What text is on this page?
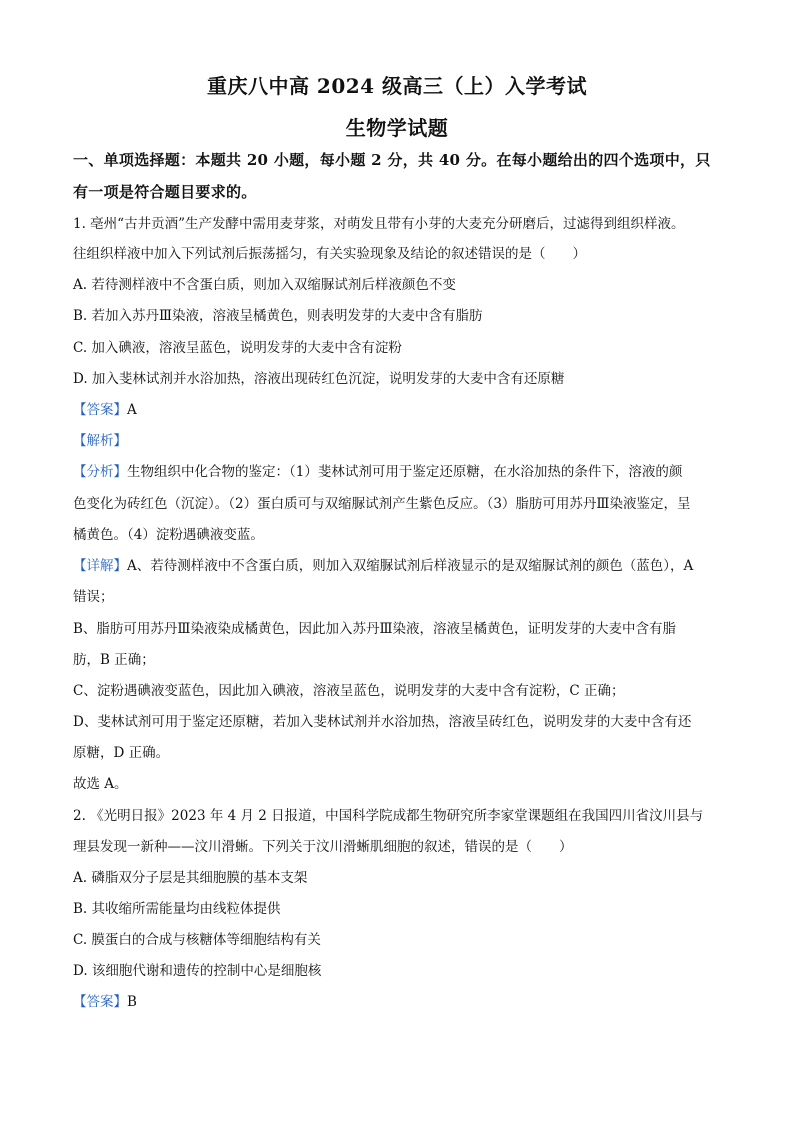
重庆八中高 2024 级高三（上）入学考试
生物学试题
一、单项选择题：本题共 20 小题，每小题 2 分，共 40 分。在每小题给出的四个选项中，只
有一项是符合题目要求的。
1. 亳州“古井贡酒”生产发酵中需用麦芽浆，对萌发且带有小芽的大麦充分研磨后，过滤得到组织样液。
往组织样液中加入下列试剂后振荡摇匀，有关实验现象及结论的叙述错误的是（　　）
A. 若待测样液中不含蛋白质，则加入双缩脲试剂后样液颜色不变
B. 若加入苏丹Ⅲ染液，溶液呈橘黄色，则表明发芽的大麦中含有脂肪
C. 加入碘液，溶液呈蓝色，说明发芽的大麦中含有淀粉
D. 加入斐林试剂并水浴加热，溶液出现砖红色沉淀，说明发芽的大麦中含有还原糖
【答案】A
【解析】
【分析】生物组织中化合物的鉴定：（1）斐林试剂可用于鉴定还原糖，在水浴加热的条件下，溶液的颜
色变化为砖红色（沉淀）。（2）蛋白质可与双缩脲试剂产生紫色反应。（3）脂肪可用苏丹Ⅲ染液鉴定，呈
橘黄色。（4）淀粉遇碘液变蓝。
【详解】A、若待测样液中不含蛋白质，则加入双缩脲试剂后样液显示的是双缩脲试剂的颜色（蓝色），A
错误；
B、脂肪可用苏丹Ⅲ染液染成橘黄色，因此加入苏丹Ⅲ染液，溶液呈橘黄色，证明发芽的大麦中含有脂
肪，B 正确；
C、淀粉遇碘液变蓝色，因此加入碘液，溶液呈蓝色，说明发芽的大麦中含有淀粉，C 正确；
D、斐林试剂可用于鉴定还原糖，若加入斐林试剂并水浴加热，溶液呈砖红色，说明发芽的大麦中含有还
原糖，D 正确。
故选 A。
2. 《光明日报》2023 年 4 月 2 日报道，中国科学院成都生物研究所李家堂课题组在我国四川省汶川县与
理县发现一新种——汶川滑蜥。下列关于汶川滑蜥肌细胞的叙述，错误的是（　　）
A. 磷脂双分子层是其细胞膜的基本支架
B. 其收缩所需能量均由线粒体提供
C. 膜蛋白的合成与核糖体等细胞结构有关
D. 该细胞代谢和遗传的控制中心是细胞核
【答案】B
